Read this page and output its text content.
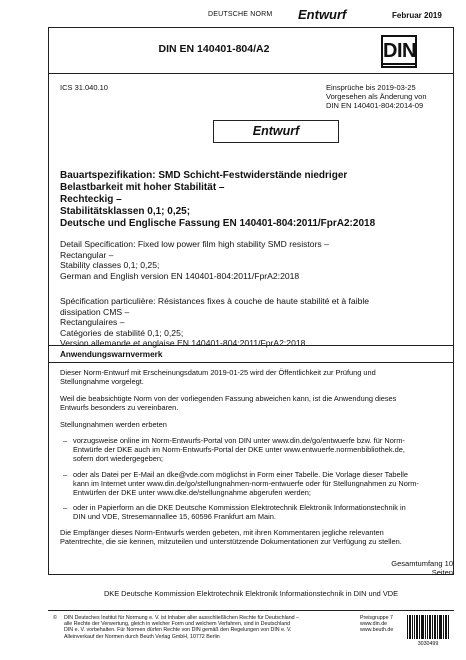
DEUTSCHE NORM Entwurf	Februar 2019
DIN EN 140401-804/A2	DIN
ICS 31.040.10	Einsprüche bis 2019-03-25
Vorgesehen als Änderung von
DIN EN 140401-804:2014-09
Entwurf
Bauartspezifikation: SMD Schicht-Festwiderstände niedriger
Belastbarkeit mit hoher Stabilität –
Rechteckig –
Stabilitätsklassen 0,1; 0,25;
Deutsche und Englische Fassung EN 140401-804:2011/FprA2:2018
Detail Specification: Fixed low power film high stability SMD resistors –
Rectangular –
Stability classes 0,1; 0,25;
German and English version EN 140401-804:2011/FprA2:2018
Spécification particulière: Résistances fixes à couche de haute stabilité et à faible
dissipation CMS –
Rectangulaires –
Catégories de stabilité 0,1; 0,25;
Version allemande et anglaise EN 140401-804:2011/FprA2:2018
Anwendungswarnvermerk
Dieser Norm-Entwurf mit Erscheinungsdatum 2019-01-25 wird der Öffentlichkeit zur Prüfung und
Stellungnahme vorgelegt.
Weil die beabsichtigte Norm von der vorliegenden Fassung abweichen kann, ist die Anwendung dieses
Entwurfs besonders zu vereinbaren.
Stellungnahmen werden erbeten
– vorzugsweise online im Norm-Entwurfs-Portal von DIN unter www.din.de/go/entwuerfe bzw. für Norm-
Entwürfe der DKE auch im Norm-Entwurfs-Portal der DKE unter www.entwuerfe.normenbibliothek.de,
sofern dort wiedergegeben;
– oder als Datei per E-Mail an dke@vde.com möglichst in Form einer Tabelle. Die Vorlage dieser Tabelle
kann im Internet unter www.din.de/go/stellungnahmen-norm-entwuerfe oder für Stellungnahmen zu Norm-
Entwürfen der DKE unter www.dke.de/stellungnahme abgerufen werden;
– oder in Papierform an die DKE Deutsche Kommission Elektrotechnik Elektronik Informationstechnik in
DIN und VDE, Stresemannallee 15, 60596 Frankfurt am Main.
Die Empfänger dieses Norm-Entwurfs werden gebeten, mit ihren Kommentaren jegliche relevanten
Patentrechte, die sie kennen, mitzuteilen und unterstützende Dokumentationen zur Verfügung zu stellen.
Gesamtumfang 10 Seiten
DKE Deutsche Kommission Elektrotechnik Elektronik Informationstechnik in DIN und VDE
© DIN Deutsches Institut für Normung e. V. ist Inhaber aller ausschließlichen Rechte für Deutschland –
alle Rechte der Verwertung, gleich in welcher Form und welchem Verfahren, sind in Deutschland
DIN e. V. vorbehalten. Für Normen dürfen Rechte von DIN gemäß den Regelungen von DIN e. V.
Alleinverkauf der Normen durch Beuth Verlag GmbH, 10772 Berlin
Preisgruppe 7
www.din.de
www.beuth.de
3030499
